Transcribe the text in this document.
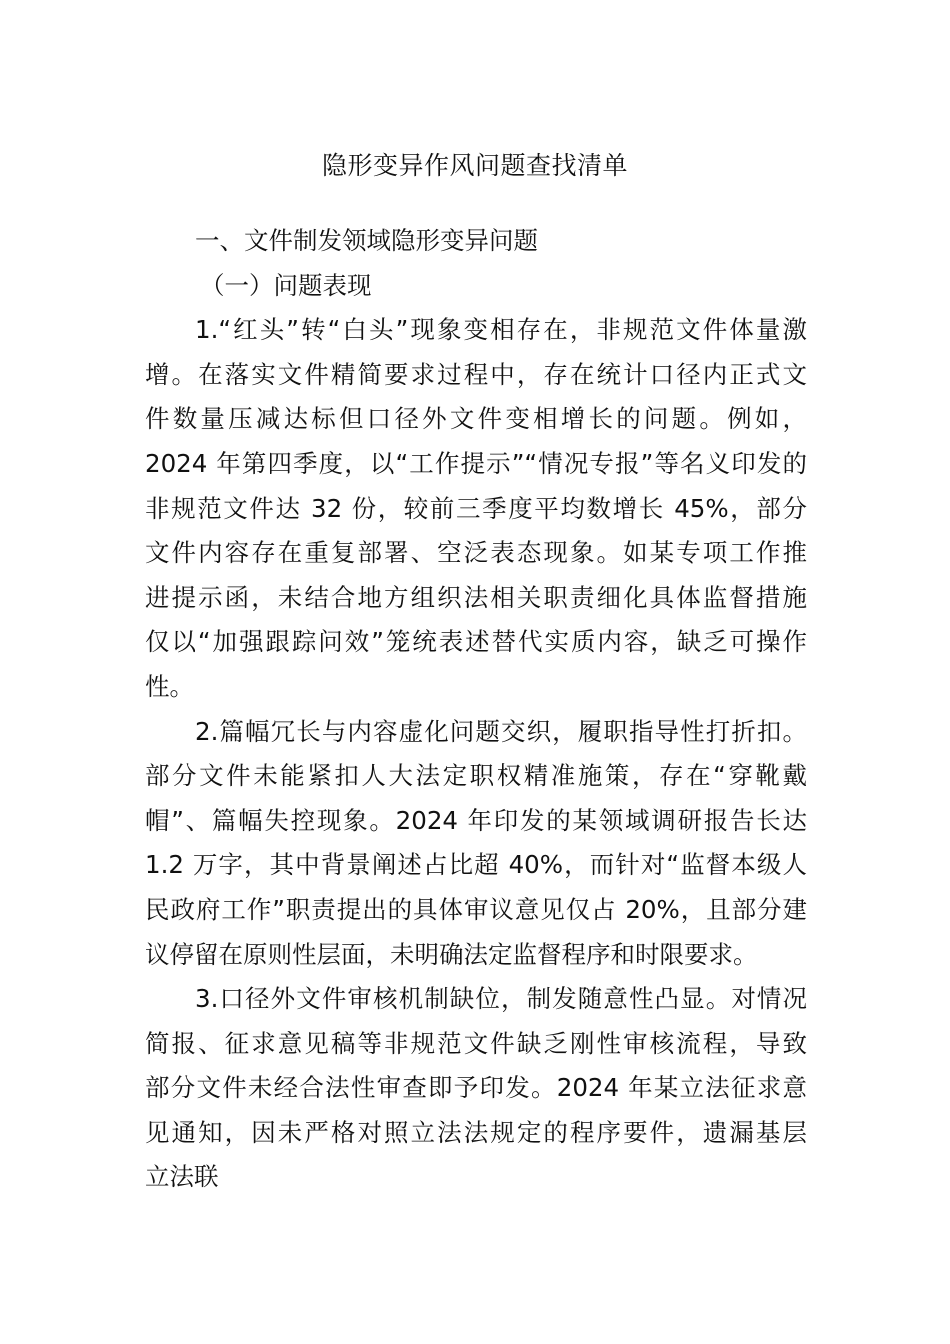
隐形变异作风问题查找清单
一、文件制发领域隐形变异问题
（一）问题表现
1.“红头”转“白头”现象变相存在，非规范文件体量激
增。在落实文件精简要求过程中，存在统计口径内正式文
件数量压减达标但口径外文件变相增长的问题。例如，
2024 年第四季度，以“工作提示”“情况专报”等名义印发的
非规范文件达 32 份，较前三季度平均数增长 45%，部分
文件内容存在重复部署、空泛表态现象。如某专项工作推
进提示函，未结合地方组织法相关职责细化具体监督措施
仅以“加强跟踪问效”笼统表述替代实质内容，缺乏可操作
性。
2.篇幅冗长与内容虚化问题交织，履职指导性打折扣。
部分文件未能紧扣人大法定职权精准施策，存在“穿靴戴
帽”、篇幅失控现象。2024 年印发的某领域调研报告长达
1.2 万字，其中背景阐述占比超 40%，而针对“监督本级人
民政府工作”职责提出的具体审议意见仅占 20%，且部分建
议停留在原则性层面，未明确法定监督程序和时限要求。
3.口径外文件审核机制缺位，制发随意性凸显。对情况
简报、征求意见稿等非规范文件缺乏刚性审核流程，导致
部分文件未经合法性审查即予印发。2024 年某立法征求意
见通知，因未严格对照立法法规定的程序要件，遗漏基层
立法联
